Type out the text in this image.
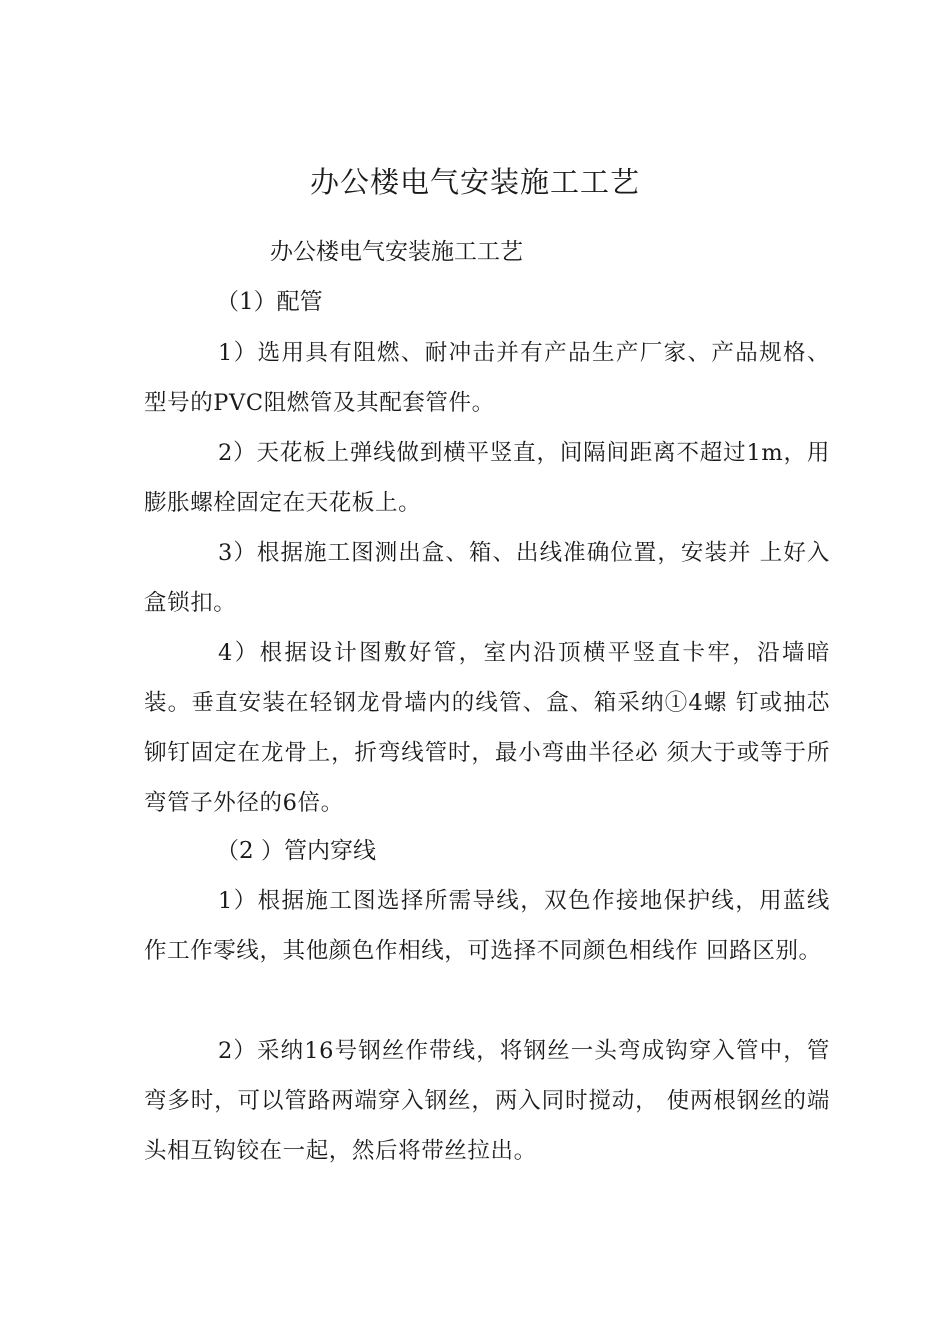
办公楼电气安装施工工艺

办公楼电气安装施工工艺

（1）配管

1）选用具有阻燃、耐冲击并有产品生产厂家、产品规格、型号的PVC阻燃管及其配套管件。

2）天花板上弹线做到横平竖直，间隔间距离不超过1m，用膨胀螺栓固定在天花板上。

3）根据施工图测出盒、箱、出线准确位置，安装并 上好入盒锁扣。

4）根据设计图敷好管，室内沿顶横平竖直卡牢，沿墙暗装。垂直安装在轻钢龙骨墙内的线管、盒、箱采纳①4螺 钉或抽芯铆钉固定在龙骨上，折弯线管时，最小弯曲半径必 须大于或等于所弯管子外径的6倍。

（2 ）管内穿线

1）根据施工图选择所需导线，双色作接地保护线，用蓝线作工作零线，其他颜色作相线，可选择不同颜色相线作 回路区别。

2）采纳16号钢丝作带线，将钢丝一头弯成钩穿入管中，管弯多时，可以管路两端穿入钢丝，两入同时搅动， 使两根钢丝的端头相互钩铰在一起，然后将带丝拉出。
